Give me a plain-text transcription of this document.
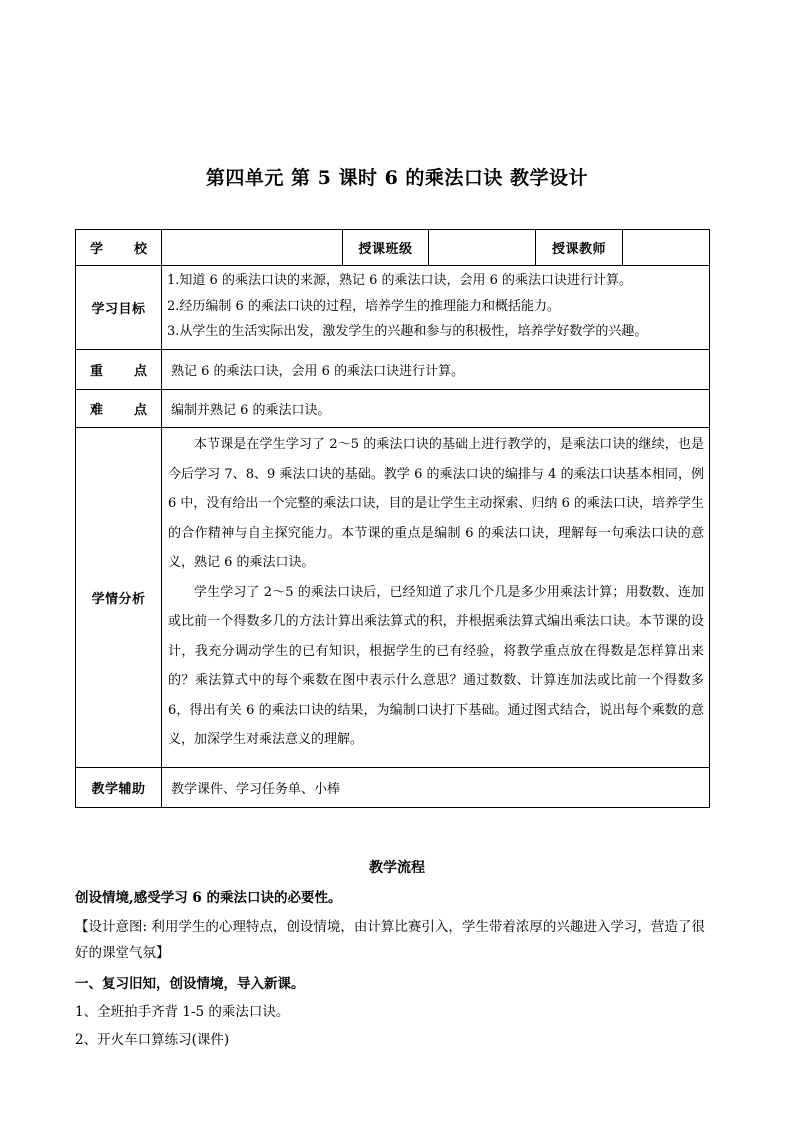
第四单元 第 5 课时 6 的乘法口诀 教学设计
学 校		授课班级		授课教师	
学习目标	1.知道 6 的乘法口诀的来源，熟记 6 的乘法口诀，会用 6 的乘法口诀进行计算。
2.经历编制 6 的乘法口诀的过程，培养学生的推理能力和概括能力。
3.从学生的生活实际出发，激发学生的兴趣和参与的积极性，培养学好数学的兴趣。				

重 点	熟记 6 的乘法口诀，会用 6 的乘法口诀进行计算。				

难 点	编制并熟记 6 的乘法口诀。				
学情分析	本节课是在学生学习了 2～5 的乘法口诀的基础上进行教学的，是乘法口诀的继续，也是今后学习 7、8、9 乘法口诀的基础。教学 6 的乘法口诀的编排与 4 的乘法口诀基本相同，例 6 中，没有给出一个完整的乘法口诀，目的是让学生主动探索、归纳 6 的乘法口诀，培养学生的合作精神与自主探究能力。本节课的重点是编制 6 的乘法口诀，理解每一句乘法口诀的意义，熟记 6 的乘法口诀。

学生学习了 2～5 的乘法口诀后，已经知道了求几个几是多少用乘法计算；用数数、连加或比前一个得数多几的方法计算出乘法算式的积，并根据乘法算式编出乘法口诀。本节课的设计，我充分调动学生的已有知识，根据学生的已有经验，将教学重点放在得数是怎样算出来的？乘法算式中的每个乘数在图中表示什么意思？通过数数、计算连加法或比前一个得数多 6，得出有关 6 的乘法口诀的结果，为编制口诀打下基础。通过图式结合，说出每个乘数的意义，加深学生对乘法意义的理解。				

教学辅助	教学课件、学习任务单、小棒				
教学流程
创设情境,感受学习 6 的乘法口诀的必要性。
【设计意图: 利用学生的心理特点，创设情境，由计算比赛引入，学生带着浓厚的兴趣进入学习，营造了很好的课堂气氛】
一、复习旧知，创设情境，导入新课。
1、全班拍手齐背 1-5 的乘法口诀。
2、开火车口算练习(课件)
